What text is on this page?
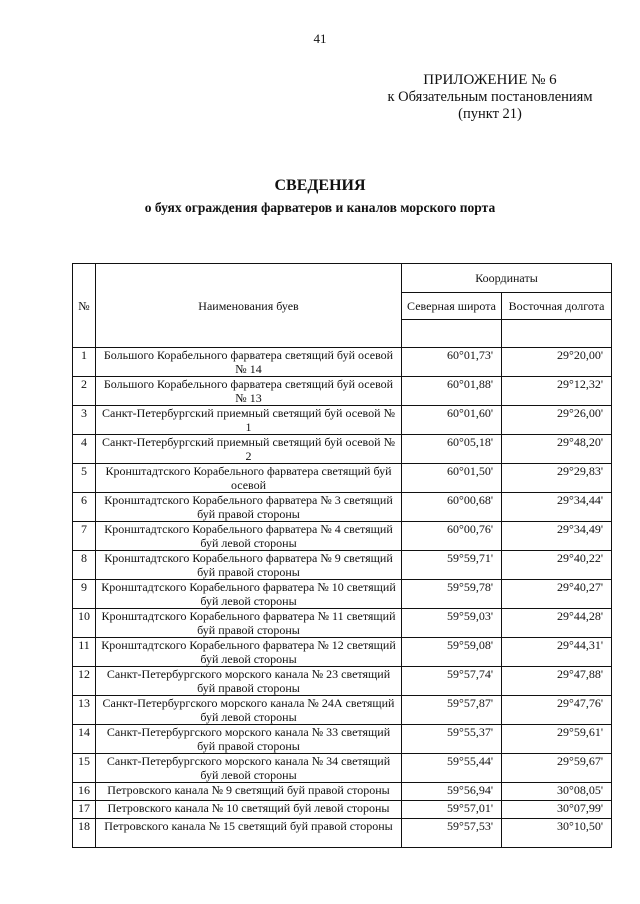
41
ПРИЛОЖЕНИЕ № 6
к Обязательным постановлениям
(пункт 21)
СВЕДЕНИЯ
о буях ограждения фарватеров и каналов морского порта
№	Наименования буев	Координаты	
		Северная широта	Восточная долгота

1	Большого Корабельного фарватера светящий буй осевой № 14	60°01,73'	29°20,00'
2	Большого Корабельного фарватера светящий буй осевой № 13	60°01,88'	29°12,32'
3	Санкт-Петербургский приемный светящий буй осевой № 1	60°01,60'	29°26,00'
4	Санкт-Петербургский приемный светящий буй осевой № 2	60°05,18'	29°48,20'
5	Кронштадтского Корабельного фарватера светящий буй осевой	60°01,50'	29°29,83'
6	Кронштадтского Корабельного фарватера № 3 светящий буй правой стороны	60°00,68'	29°34,44'
7	Кронштадтского Корабельного фарватера № 4 светящий буй левой стороны	60°00,76'	29°34,49'
8	Кронштадтского Корабельного фарватера № 9 светящий буй правой стороны	59°59,71'	29°40,22'
9	Кронштадтского Корабельного фарватера № 10 светящий буй левой стороны	59°59,78'	29°40,27'
10	Кронштадтского Корабельного фарватера № 11 светящий буй правой стороны	59°59,03'	29°44,28'
11	Кронштадтского Корабельного фарватера № 12 светящий буй левой стороны	59°59,08'	29°44,31'
12	Санкт-Петербургского морского канала № 23 светящий буй правой стороны	59°57,74'	29°47,88'
13	Санкт-Петербургского морского канала № 24А светящий буй левой стороны	59°57,87'	29°47,76'
14	Санкт-Петербургского морского канала № 33 светящий буй правой стороны	59°55,37'	29°59,61'
15	Санкт-Петербургского морского канала № 34 светящий буй левой стороны	59°55,44'	29°59,67'
16	Петровского канала № 9 светящий буй правой стороны	59°56,94'	30°08,05'
17	Петровского канала № 10 светящий буй левой стороны	59°57,01'	30°07,99'
18	Петровского канала № 15 светящий буй правой стороны	59°57,53'	30°10,50'
